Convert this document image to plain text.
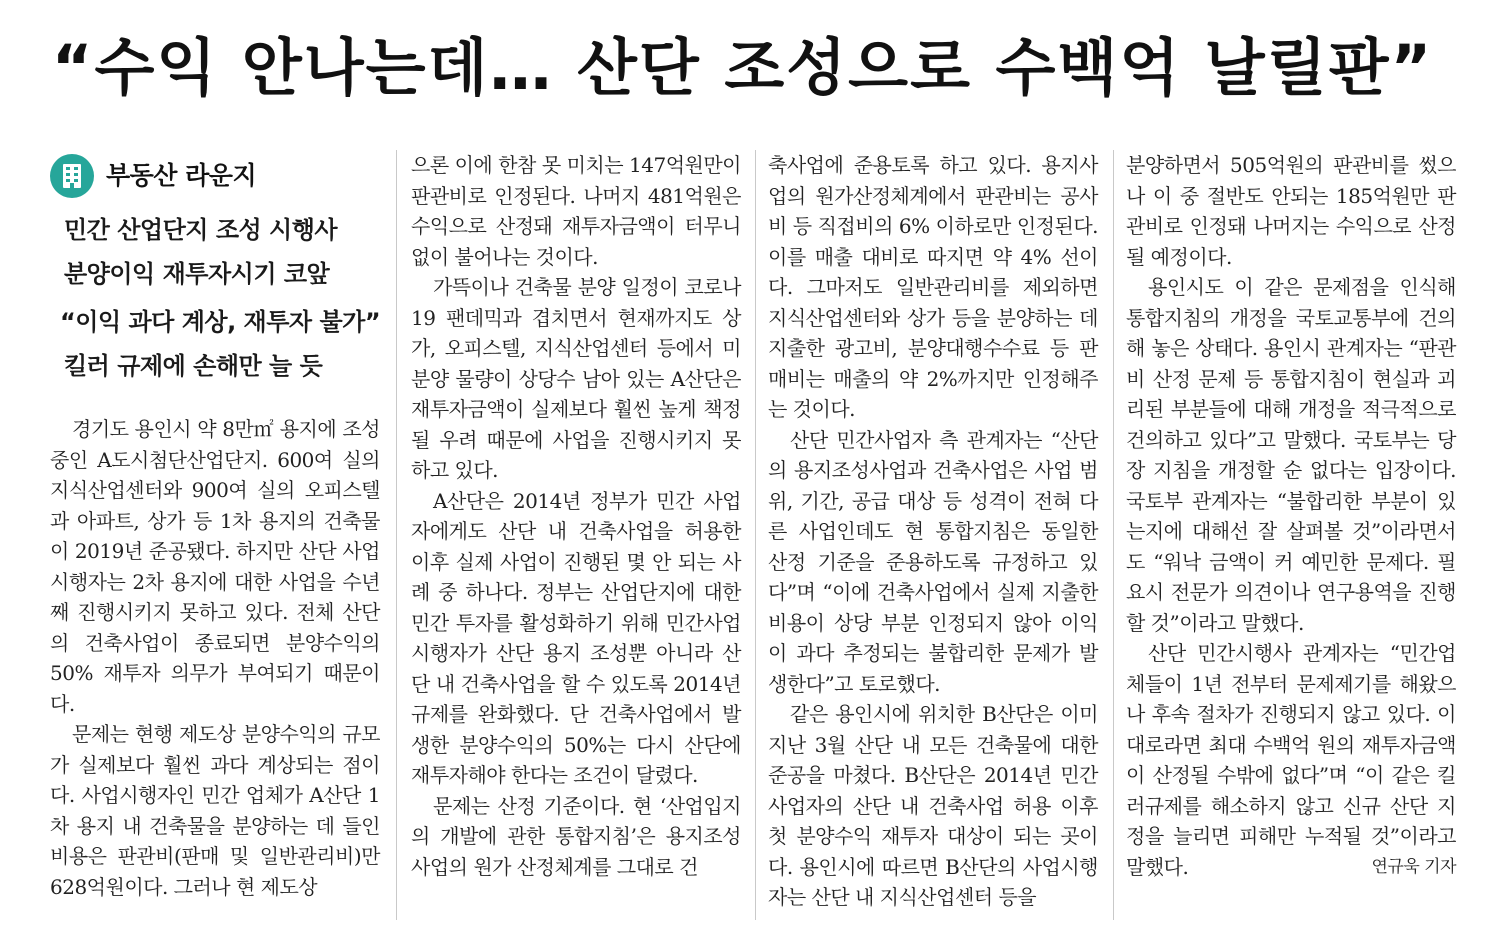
“수익 안나는데… 산단 조성으로 수백억 날릴판”
부동산 라운지
민간 산업단지 조성 시행사
분양이익 재투자시기 코앞
“이익 과다 계상, 재투자 불가”
킬러 규제에 손해만 늘 듯

경기도 용인시 약 8만㎡ 용지에 조성 중인 A도시첨단산업단지. 600여 실의 지식산업센터와 900여 실의 오피스텔과 아파트, 상가 등 1차 용지의 건축물이 2019년 준공됐다. 하지만 산단 사업시행자는 2차 용지에 대한 사업을 수년째 진행시키지 못하고 있다. 전체 산단의 건축사업이 종료되면 분양수익의 50% 재투자 의무가 부여되기 때문이다.

문제는 현행 제도상 분양수익의 규모가 실제보다 훨씬 과다 계상되는 점이다. 사업시행자인 민간 업체가 A산단 1차 용지 내 건축물을 분양하는 데 들인 비용은 판관비(판매 및 일반관리비)만 628억원이다. 그러나 현 제도상

으론 이에 한참 못 미치는 147억원만이 판관비로 인정된다. 나머지 481억원은 수익으로 산정돼 재투자금액이 터무니없이 불어나는 것이다.

가뜩이나 건축물 분양 일정이 코로나19 팬데믹과 겹치면서 현재까지도 상가, 오피스텔, 지식산업센터 등에서 미분양 물량이 상당수 남아 있는 A산단은 재투자금액이 실제보다 훨씬 높게 책정될 우려 때문에 사업을 진행시키지 못하고 있다.

A산단은 2014년 정부가 민간 사업자에게도 산단 내 건축사업을 허용한 이후 실제 사업이 진행된 몇 안 되는 사례 중 하나다. 정부는 산업단지에 대한 민간 투자를 활성화하기 위해 민간사업시행자가 산단 용지 조성뿐 아니라 산단 내 건축사업을 할 수 있도록 2014년 규제를 완화했다. 단 건축사업에서 발생한 분양수익의 50%는 다시 산단에 재투자해야 한다는 조건이 달렸다.

문제는 산정 기준이다. 현 ‘산업입지의 개발에 관한 통합지침’은 용지조성사업의 원가 산정체계를 그대로 건

축사업에 준용토록 하고 있다. 용지사업의 원가산정체계에서 판관비는 공사비 등 직접비의 6% 이하로만 인정된다. 이를 매출 대비로 따지면 약 4% 선이다. 그마저도 일반관리비를 제외하면 지식산업센터와 상가 등을 분양하는 데 지출한 광고비, 분양대행수수료 등 판매비는 매출의 약 2%까지만 인정해주는 것이다.

산단 민간사업자 측 관계자는 “산단의 용지조성사업과 건축사업은 사업 범위, 기간, 공급 대상 등 성격이 전혀 다른 사업인데도 현 통합지침은 동일한 산정 기준을 준용하도록 규정하고 있다”며 “이에 건축사업에서 실제 지출한 비용이 상당 부분 인정되지 않아 이익이 과다 추정되는 불합리한 문제가 발생한다”고 토로했다.

같은 용인시에 위치한 B산단은 이미 지난 3월 산단 내 모든 건축물에 대한 준공을 마쳤다. B산단은 2014년 민간사업자의 산단 내 건축사업 허용 이후 첫 분양수익 재투자 대상이 되는 곳이다. 용인시에 따르면 B산단의 사업시행자는 산단 내 지식산업센터 등을

분양하면서 505억원의 판관비를 썼으나 이 중 절반도 안되는 185억원만 판관비로 인정돼 나머지는 수익으로 산정될 예정이다.

용인시도 이 같은 문제점을 인식해 통합지침의 개정을 국토교통부에 건의해 놓은 상태다. 용인시 관계자는 “판관비 산정 문제 등 통합지침이 현실과 괴리된 부분들에 대해 개정을 적극적으로 건의하고 있다”고 말했다. 국토부는 당장 지침을 개정할 순 없다는 입장이다. 국토부 관계자는 “불합리한 부분이 있는지에 대해선 잘 살펴볼 것”이라면서도 “워낙 금액이 커 예민한 문제다. 필요시 전문가 의견이나 연구용역을 진행할 것”이라고 말했다.

산단 민간시행사 관계자는 “민간업체들이 1년 전부터 문제제기를 해왔으나 후속 절차가 진행되지 않고 있다. 이대로라면 최대 수백억 원의 재투자금액이 산정될 수밖에 없다”며 “이 같은 킬러규제를 해소하지 않고 신규 산단 지정을 늘리면 피해만 누적될 것”이라고 말했다.	연규욱 기자
